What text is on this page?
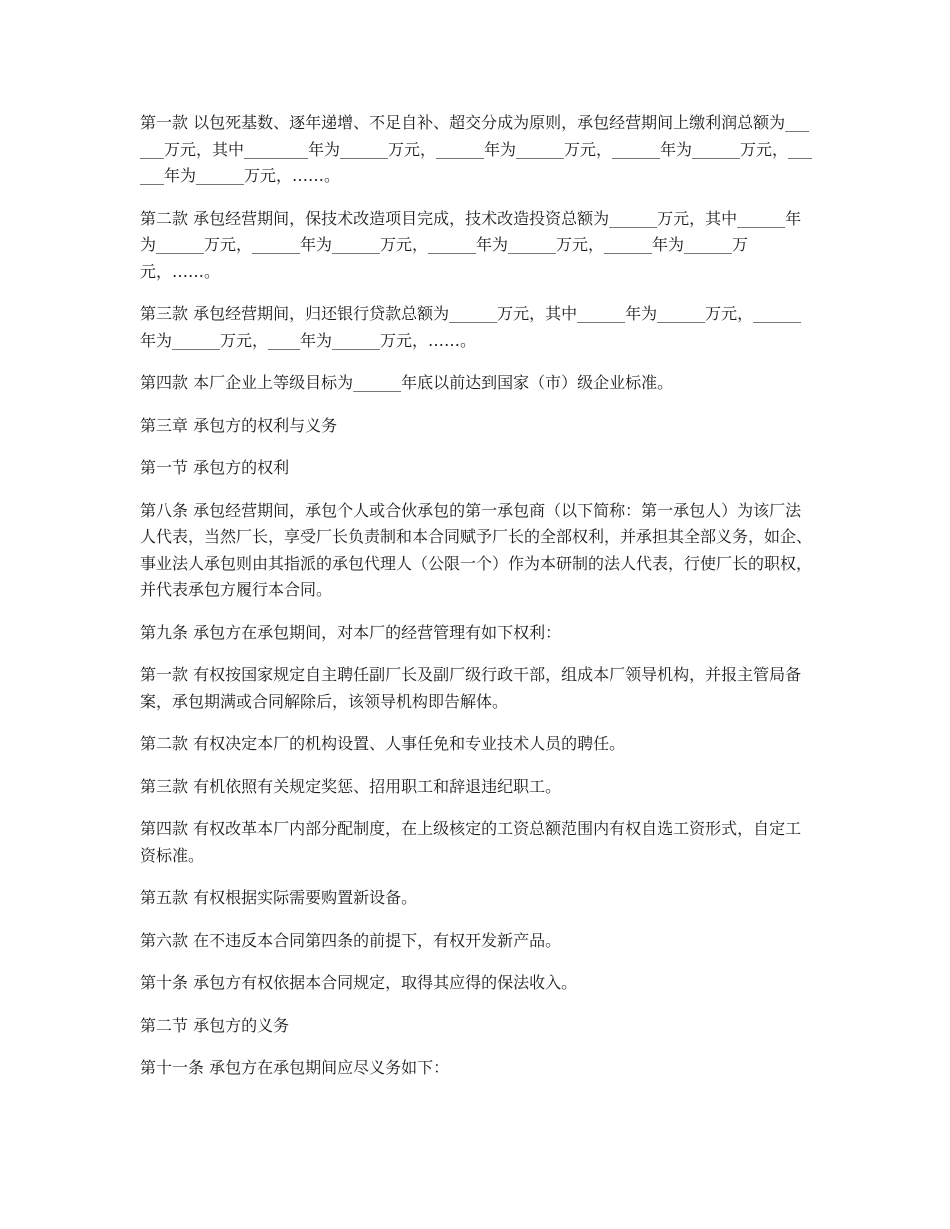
第一款 以包死基数、逐年递增、不足自补、超交分成为原则，承包经营期间上缴利润总额为______万元，其中________年为______万元，______年为______万元，______年为______万元，______年为______万元，……。

第二款 承包经营期间，保技术改造项目完成，技术改造投资总额为______万元，其中______年为______万元，______年为______万元，______年为______万元，______年为______万元，……。

第三款 承包经营期间，归还银行贷款总额为______万元，其中______年为______万元，______年为______万元，____年为______万元，……。

第四款 本厂企业上等级目标为______年底以前达到国家（市）级企业标准。

第三章 承包方的权利与义务

第一节 承包方的权利

第八条 承包经营期间，承包个人或合伙承包的第一承包商（以下简称：第一承包人）为该厂法人代表，当然厂长，享受厂长负责制和本合同赋予厂长的全部权利，并承担其全部义务，如企、事业法人承包则由其指派的承包代理人（公限一个）作为本研制的法人代表，行使厂长的职权，并代表承包方履行本合同。

第九条 承包方在承包期间，对本厂的经营管理有如下权利：

第一款 有权按国家规定自主聘任副厂长及副厂级行政干部，组成本厂领导机构，并报主管局备案，承包期满或合同解除后，该领导机构即告解体。

第二款 有权决定本厂的机构设置、人事任免和专业技术人员的聘任。

第三款 有机依照有关规定奖惩、招用职工和辞退违纪职工。

第四款 有权改革本厂内部分配制度，在上级核定的工资总额范围内有权自选工资形式，自定工资标准。

第五款 有权根据实际需要购置新设备。

第六款 在不违反本合同第四条的前提下，有权开发新产品。

第十条 承包方有权依据本合同规定，取得其应得的保法收入。

第二节 承包方的义务

第十一条 承包方在承包期间应尽义务如下：
